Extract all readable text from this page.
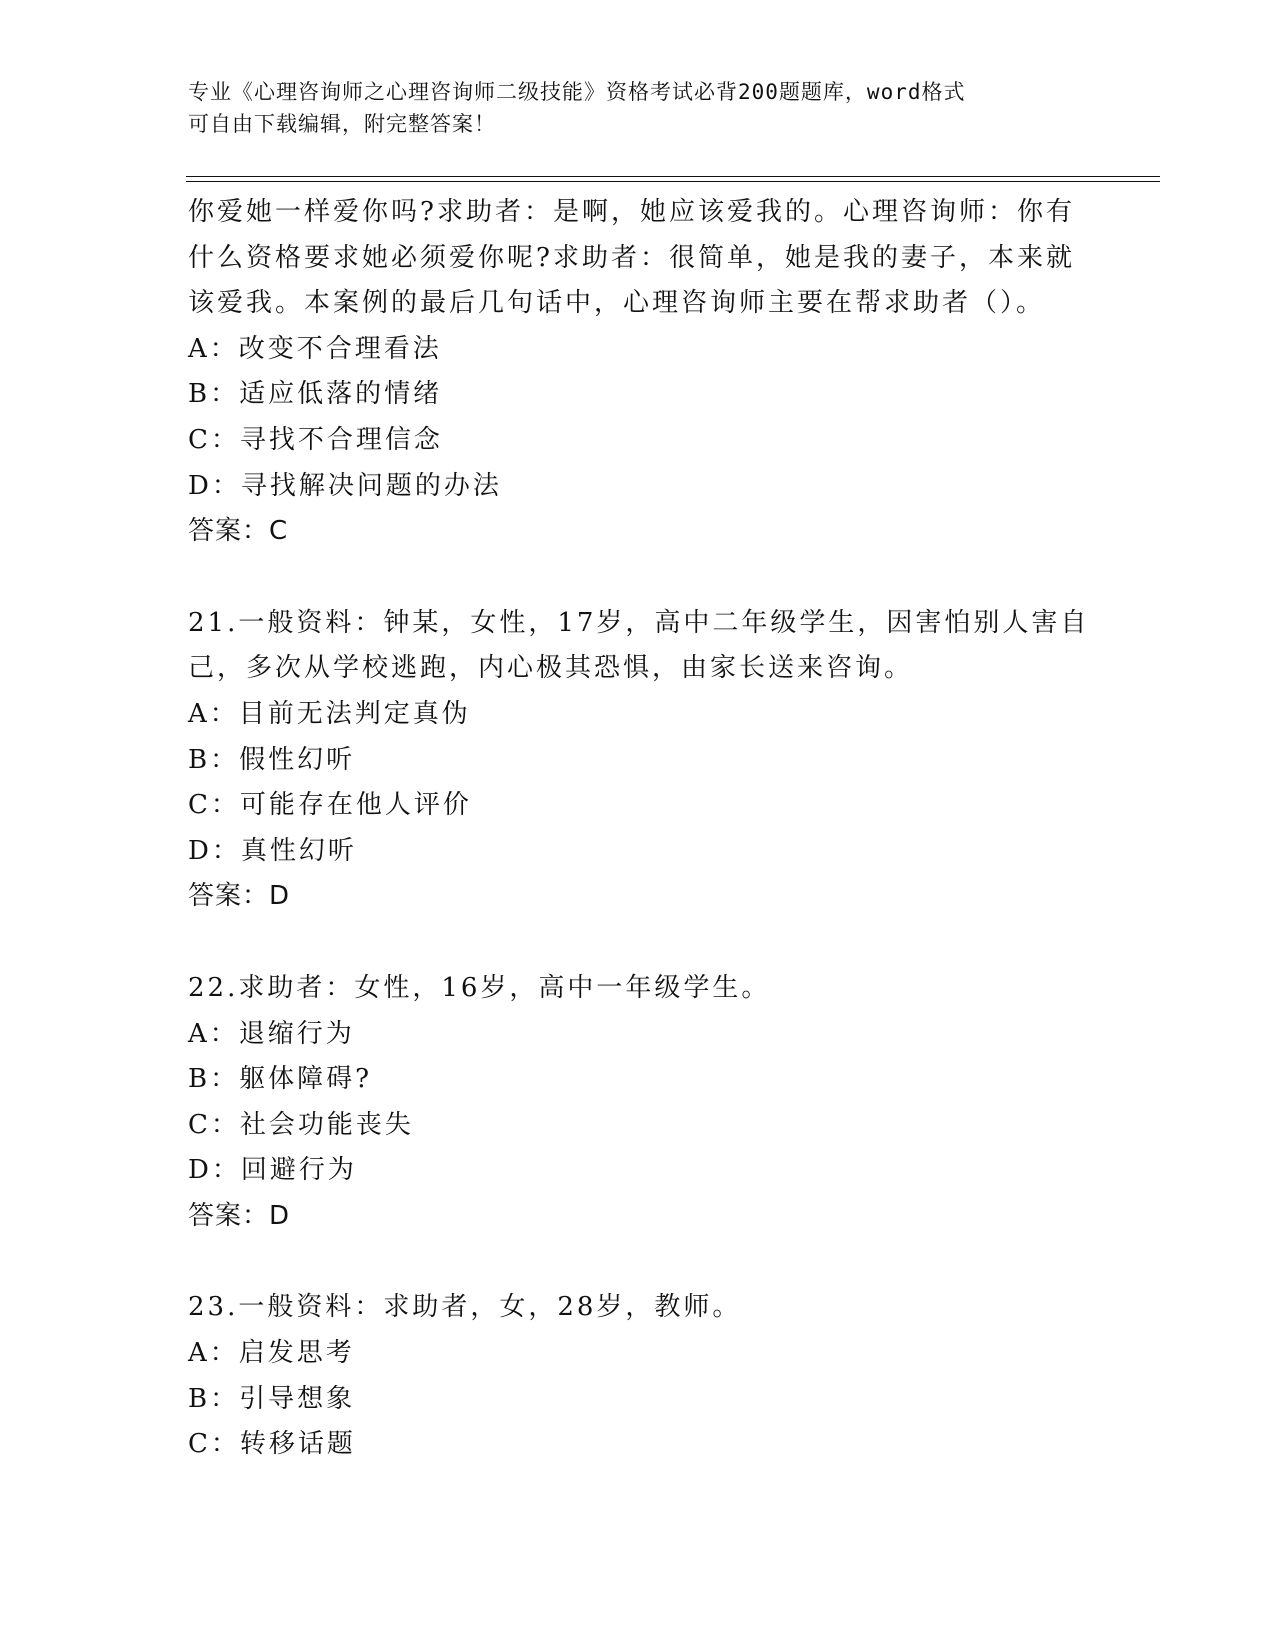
专业《心理咨询师之心理咨询师二级技能》资格考试必背200题题库，word格式
可自由下载编辑，附完整答案！
你爱她一样爱你吗?求助者：是啊，她应该爱我的。心理咨询师：你有
什么资格要求她必须爱你呢?求助者：很简单，她是我的妻子，本来就
该爱我。本案例的最后几句话中，心理咨询师主要在帮求助者（）。
A：改变不合理看法
B：适应低落的情绪
C：寻找不合理信念
D：寻找解决问题的办法
答案：C
21.一般资料：钟某，女性，17岁，高中二年级学生，因害怕别人害自
己，多次从学校逃跑，内心极其恐惧，由家长送来咨询。
A：目前无法判定真伪
B：假性幻听
C：可能存在他人评价
D：真性幻听
答案：D
22.求助者：女性，16岁，高中一年级学生。
A：退缩行为
B：躯体障碍?
C：社会功能丧失
D：回避行为
答案：D
23.一般资料：求助者，女，28岁，教师。
A：启发思考
B：引导想象
C：转移话题
